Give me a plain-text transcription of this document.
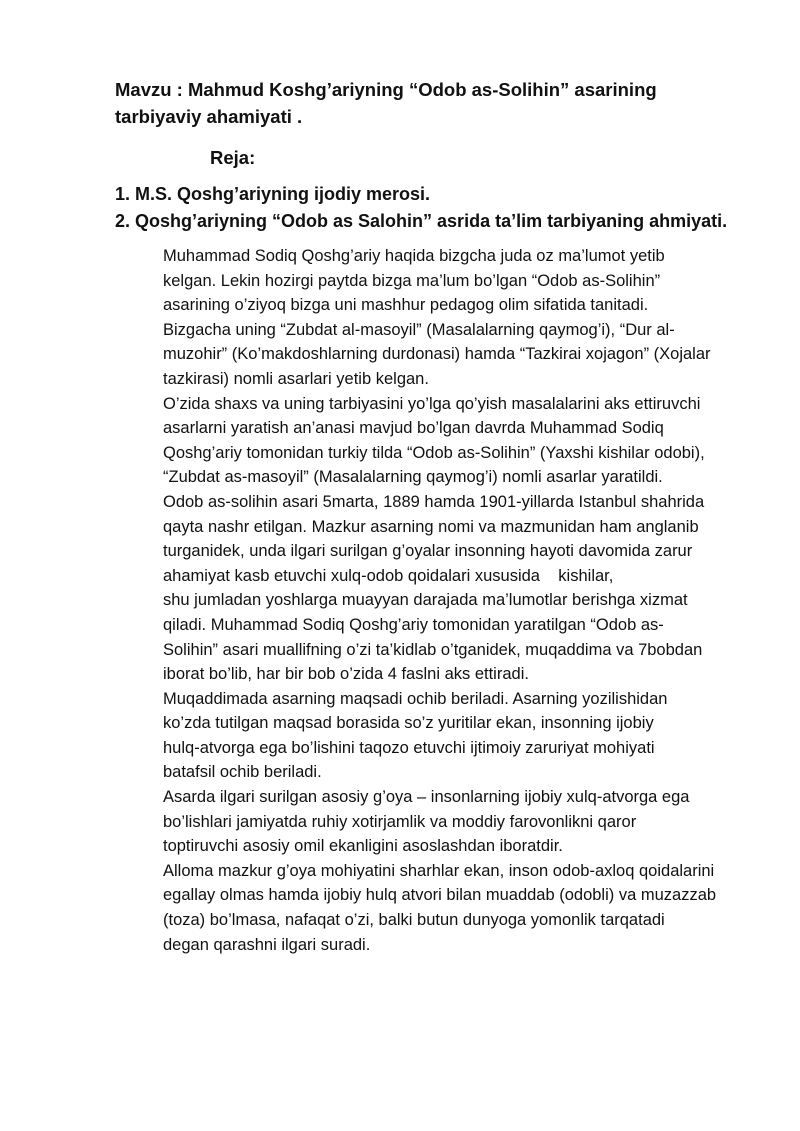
Mavzu : Mahmud Koshg’ariyning “Odob as-Solihin” asarining
tarbiyaviy ahamiyati .
Reja:
1. M.S. Qoshg’ariyning ijodiy merosi.
2. Qoshg’ariyning “Odob as Salohin” asrida ta’lim tarbiyaning ahmiyati.
Muhammad Sodiq Qoshg’ariy haqida bizgcha juda oz ma’lumot yetib
kelgan. Lekin hozirgi paytda bizga ma’lum bo’lgan “Odob as-Solihin”
asarining o’ziyoq bizga uni mashhur pedagog olim sifatida tanitadi.
Bizgacha uning “Zubdat al-masoyil” (Masalalarning qaymog’i), “Dur al-
muzohir” (Ko’makdoshlarning durdonasi) hamda “Tazkirai xojagon” (Xojalar
tazkirasi) nomli asarlari yetib kelgan.
O’zida shaxs va uning tarbiyasini yo’lga qo’yish masalalarini aks ettiruvchi
asarlarni yaratish an’anasi mavjud bo’lgan davrda Muhammad Sodiq
Qoshg’ariy tomonidan turkiy tilda “Odob as-Solihin” (Yaxshi kishilar odobi),
“Zubdat as-masoyil” (Masalalarning qaymog’i) nomli asarlar yaratildi.
Odob as-solihin asari 5marta, 1889 hamda 1901-yillarda Istanbul shahrida
qayta nashr etilgan. Mazkur asarning nomi va mazmunidan ham anglanib
turganidek, unda ilgari surilgan g’oyalar insonning hayoti davomida zarur
ahamiyat kasb etuvchi xulq-odob qoidalari xususida    kishilar,
shu jumladan yoshlarga muayyan darajada ma’lumotlar berishga xizmat
qiladi. Muhammad Sodiq Qoshg’ariy tomonidan yaratilgan “Odob as-
Solihin” asari muallifning o’zi ta’kidlab o’tganidek, muqaddima va 7bobdan
iborat bo’lib, har bir bob o’zida 4 faslni aks ettiradi.
Muqaddimada asarning maqsadi ochib beriladi. Asarning yozilishidan
ko’zda tutilgan maqsad borasida so’z yuritilar ekan, insonning ijobiy
hulq-atvorga ega bo’lishini taqozo etuvchi ijtimoiy zaruriyat mohiyati
batafsil ochib beriladi.
Asarda ilgari surilgan asosiy g’oya – insonlarning ijobiy xulq-atvorga ega
bo’lishlari jamiyatda ruhiy xotirjamlik va moddiy farovonlikni qaror
toptiruvchi asosiy omil ekanligini asoslashdan iboratdir.
Alloma mazkur g’oya mohiyatini sharhlar ekan, inson odob-axloq qoidalarini
egallay olmas hamda ijobiy hulq atvori bilan muaddab (odobli) va muzazzab
(toza) bo’lmasa, nafaqat o’zi, balki butun dunyoga yomonlik tarqatadi
degan qarashni ilgari suradi.
